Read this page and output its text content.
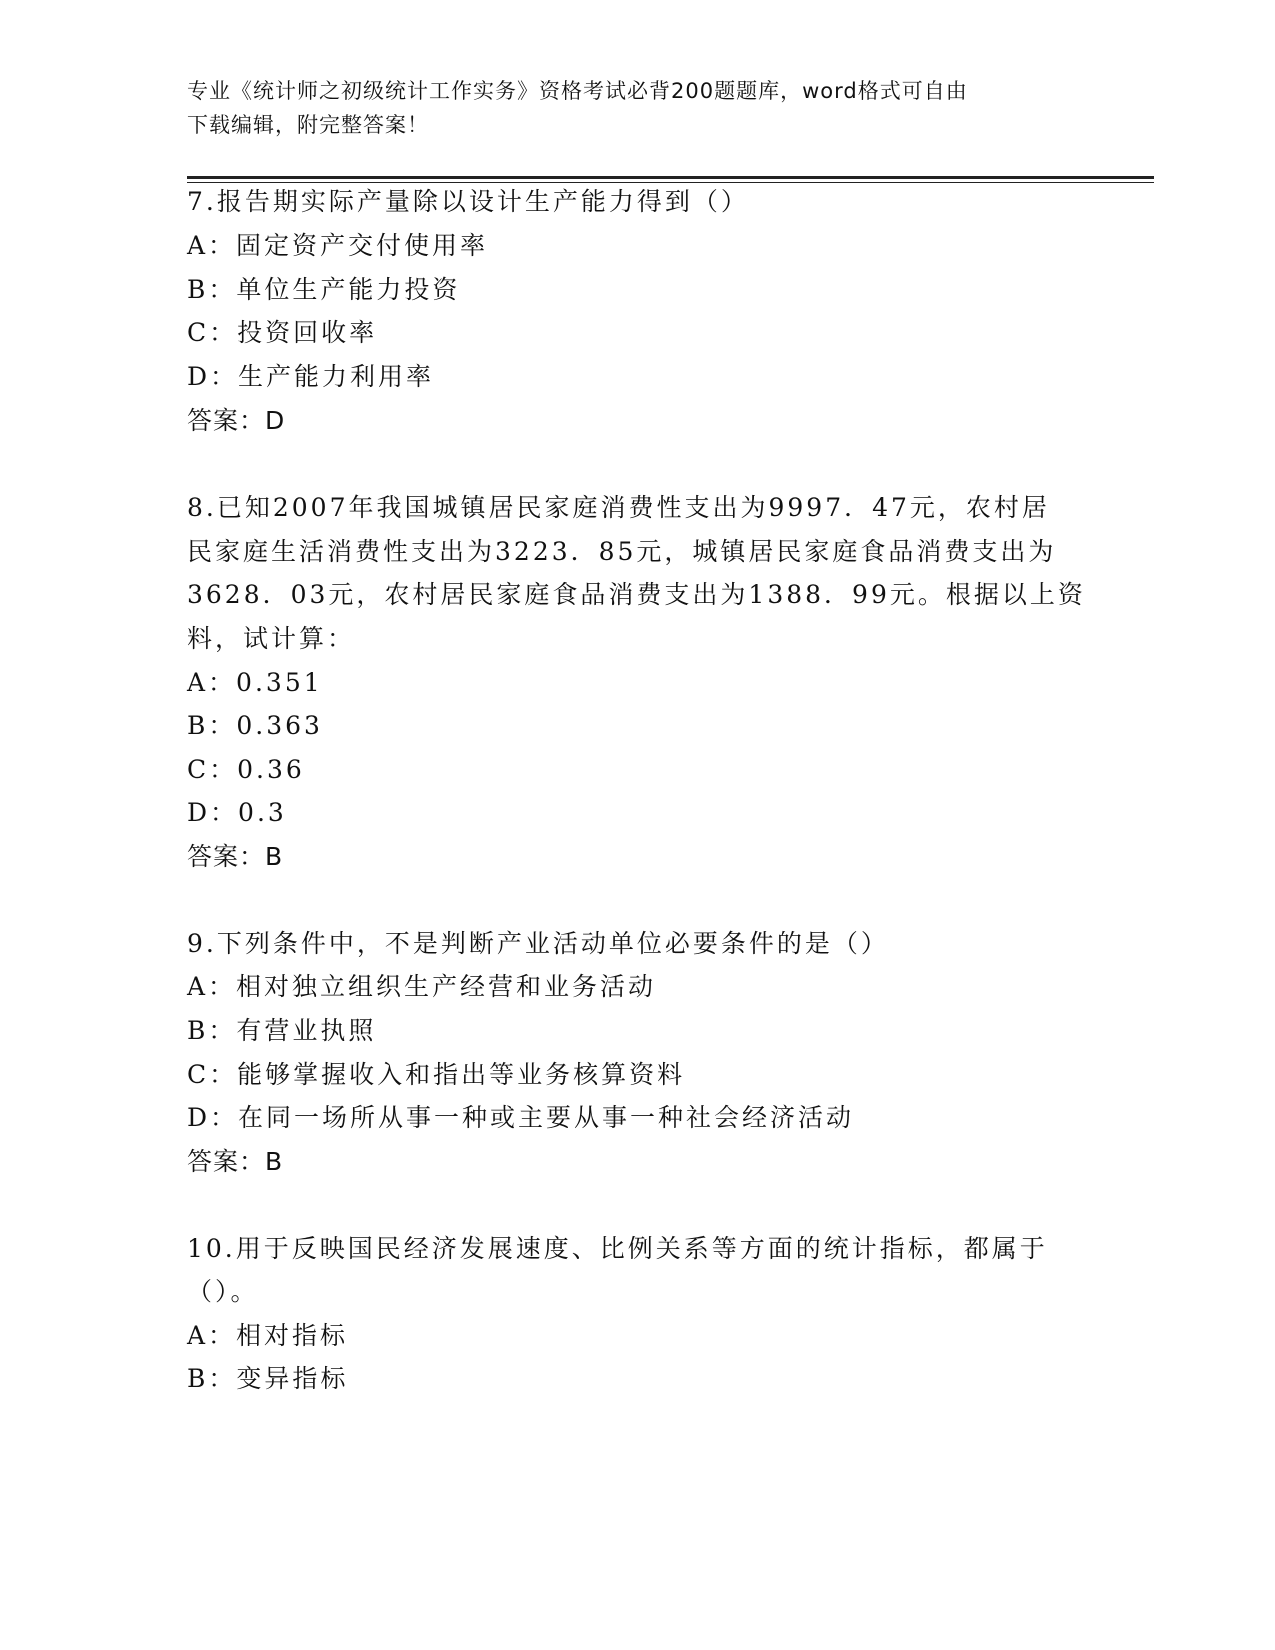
专业《统计师之初级统计工作实务》资格考试必背200题题库，word格式可自由
下载编辑，附完整答案！
7.报告期实际产量除以设计生产能力得到（）
A：固定资产交付使用率
B：单位生产能力投资
C：投资回收率
D：生产能力利用率
答案：D
8.已知2007年我国城镇居民家庭消费性支出为9997．47元，农村居
民家庭生活消费性支出为3223．85元，城镇居民家庭食品消费支出为
3628．03元，农村居民家庭食品消费支出为1388．99元。根据以上资
料，试计算：
A：0.351
B：0.363
C：0.36
D：0.3
答案：B
9.下列条件中，不是判断产业活动单位必要条件的是（）
A：相对独立组织生产经营和业务活动
B：有营业执照
C：能够掌握收入和指出等业务核算资料
D：在同一场所从事一种或主要从事一种社会经济活动
答案：B
10.用于反映国民经济发展速度、比例关系等方面的统计指标，都属于
（）。
A：相对指标
B：变异指标
